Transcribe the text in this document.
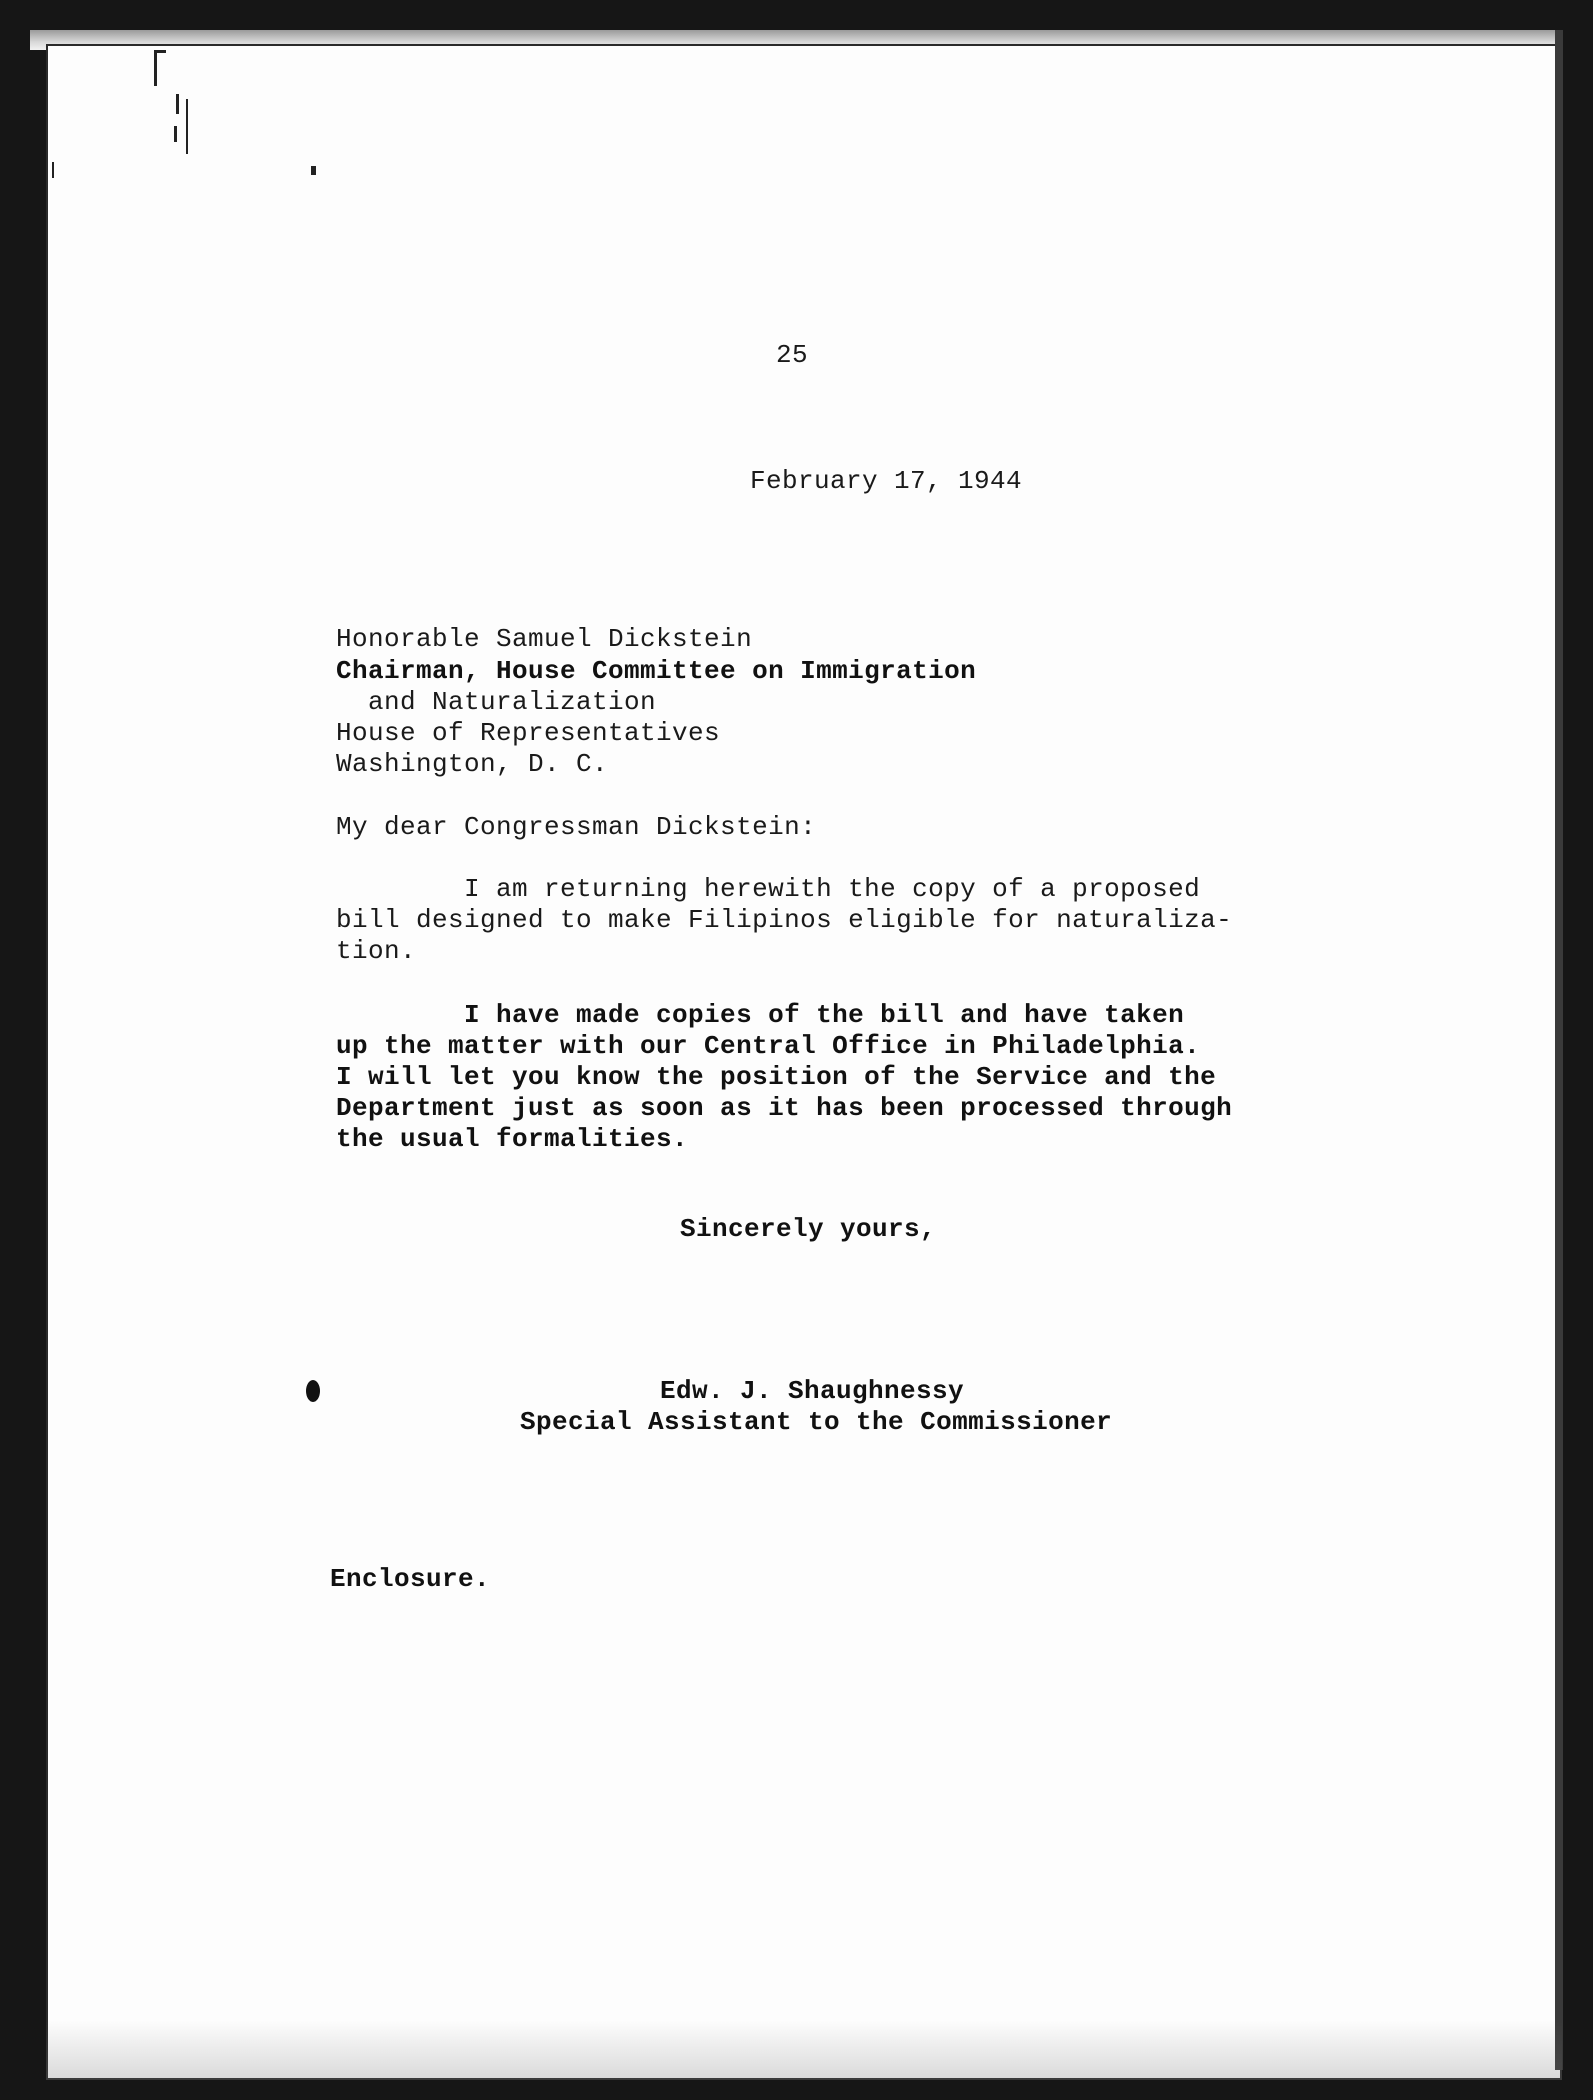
25
February 17, 1944
Honorable Samuel Dickstein
Chairman, House Committee on Immigration
and Naturalization
House of Representatives
Washington, D. C.
My dear Congressman Dickstein:
I am returning herewith the copy of a proposed
bill designed to make Filipinos eligible for naturaliza-
tion.
I have made copies of the bill and have taken
up the matter with our Central Office in Philadelphia.
I will let you know the position of the Service and the
Department just as soon as it has been processed through
the usual formalities.
Sincerely yours,
Edw. J. Shaughnessy
Special Assistant to the Commissioner
Enclosure.
